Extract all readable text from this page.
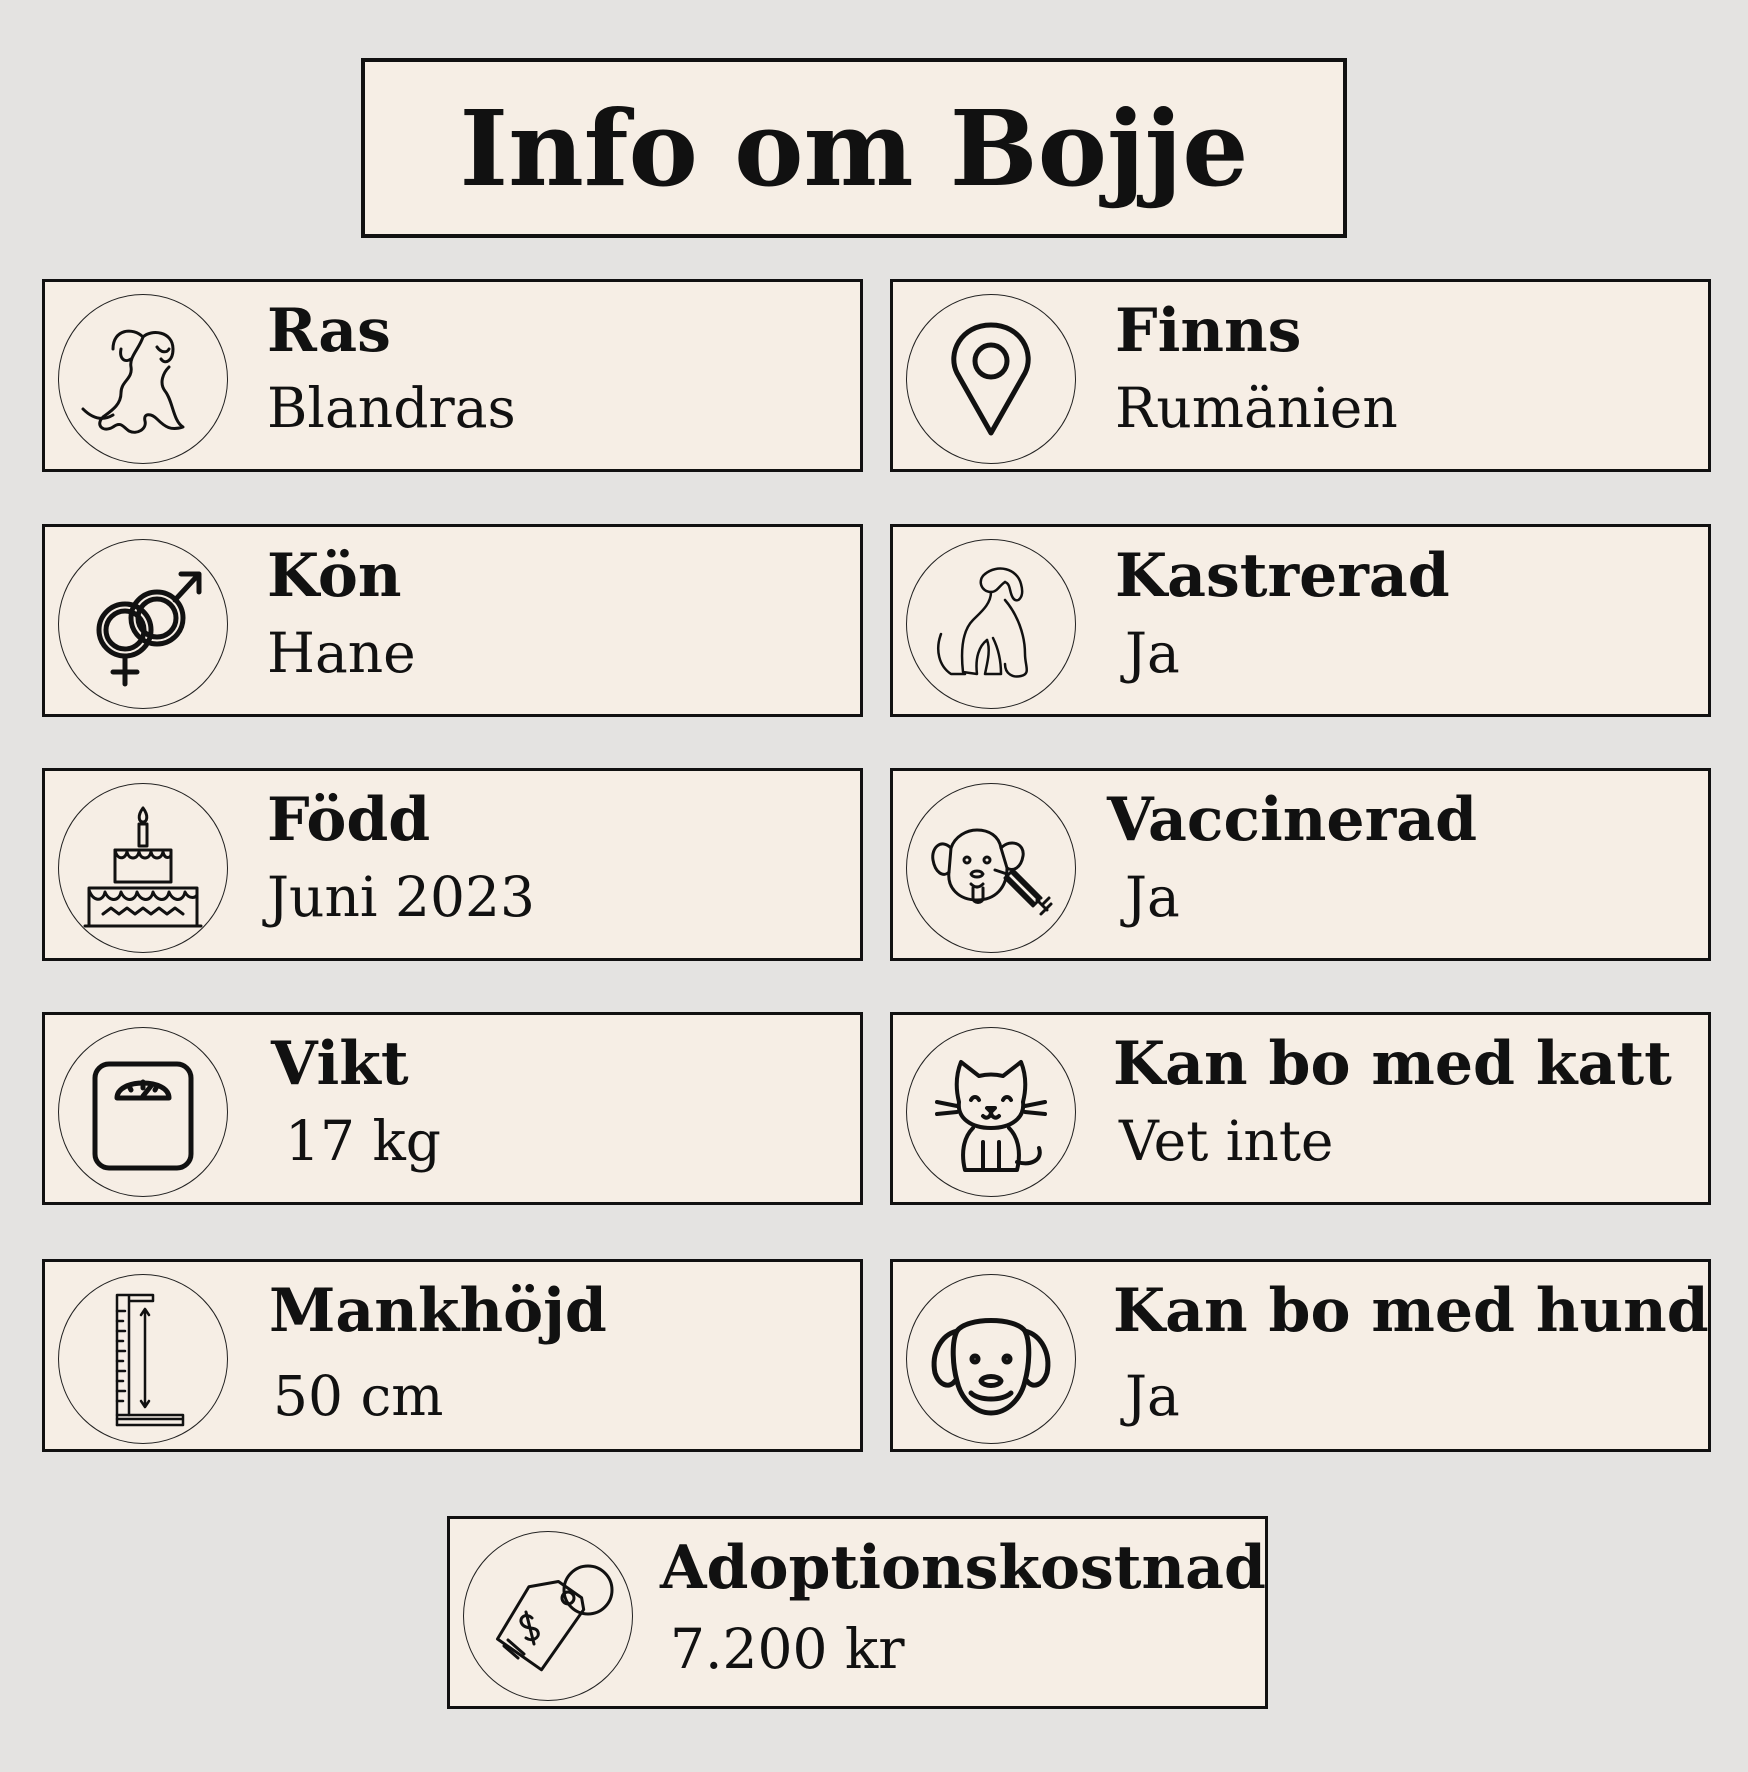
Info om Bojje
Ras
Blandras
Finns
Rumänien
Kön
Hane
Kastrerad
Ja
Född
Juni 2023
Vaccinerad
Ja
Vikt
17 kg
Kan bo med katt
Vet inte
Mankhöjd
50 cm
Kan bo med hund
Ja
Adoptionskostnad
7.200 kr
